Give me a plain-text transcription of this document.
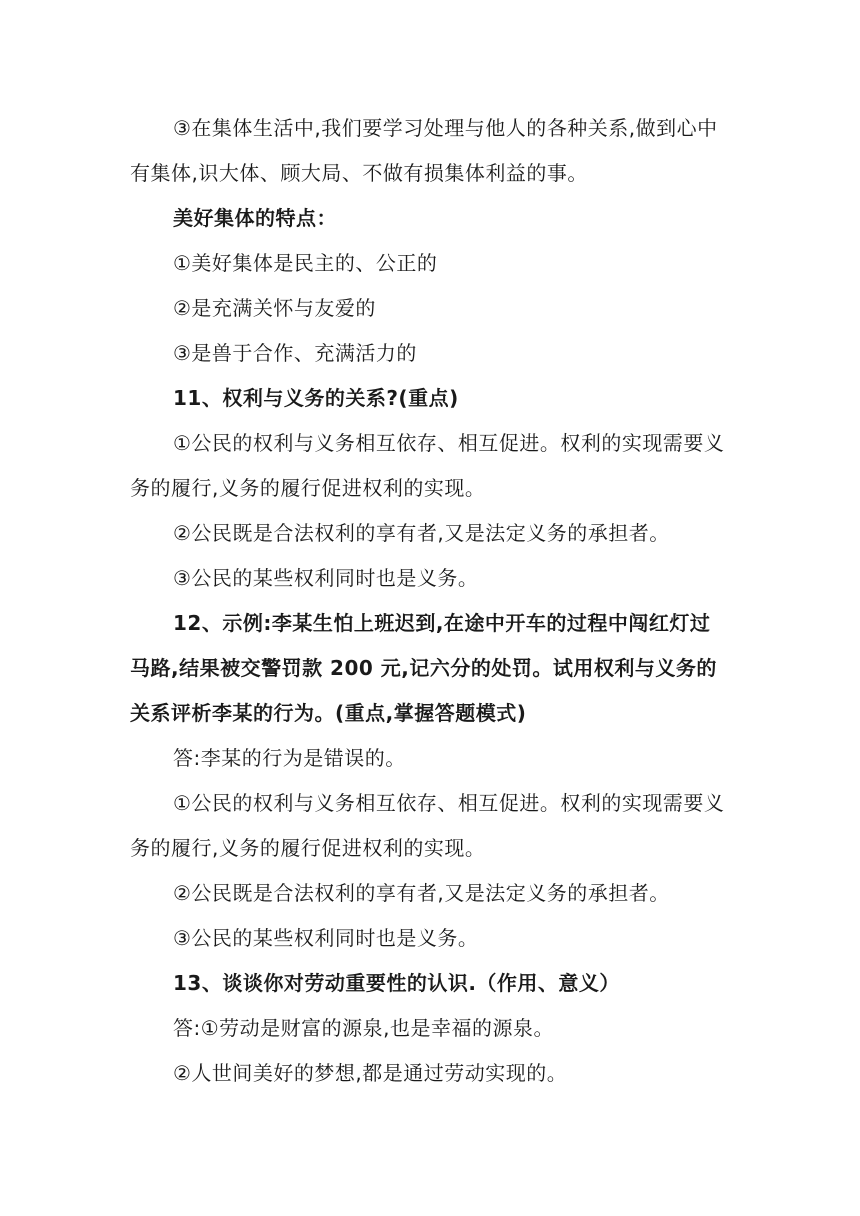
③在集体生活中,我们要学习处理与他人的各种关系,做到心中有集体,识大体、顾大局、不做有损集体利益的事。

美好集体的特点：

①美好集体是民主的、公正的

②是充满关怀与友爱的

③是兽于合作、充满活力的

11、权利与义务的关系?(重点)

①公民的权利与义务相互依存、相互促进。权利的实现需要义务的履行,义务的履行促进权利的实现。

②公民既是合法权利的享有者,又是法定义务的承担者。

③公民的某些权利同时也是义务。

12、示例:李某生怕上班迟到,在途中开车的过程中闯红灯过马路,结果被交警罚款 200 元,记六分的处罚。试用权利与义务的关系评析李某的行为。(重点,掌握答题模式)

答:李某的行为是错误的。

①公民的权利与义务相互依存、相互促进。权利的实现需要义务的履行,义务的履行促进权利的实现。

②公民既是合法权利的享有者,又是法定义务的承担者。

③公民的某些权利同时也是义务。

13、谈谈你对劳动重要性的认识.（作用、意义）

答:①劳动是财富的源泉,也是幸福的源泉。

②人世间美好的梦想,都是通过劳动实现的。
